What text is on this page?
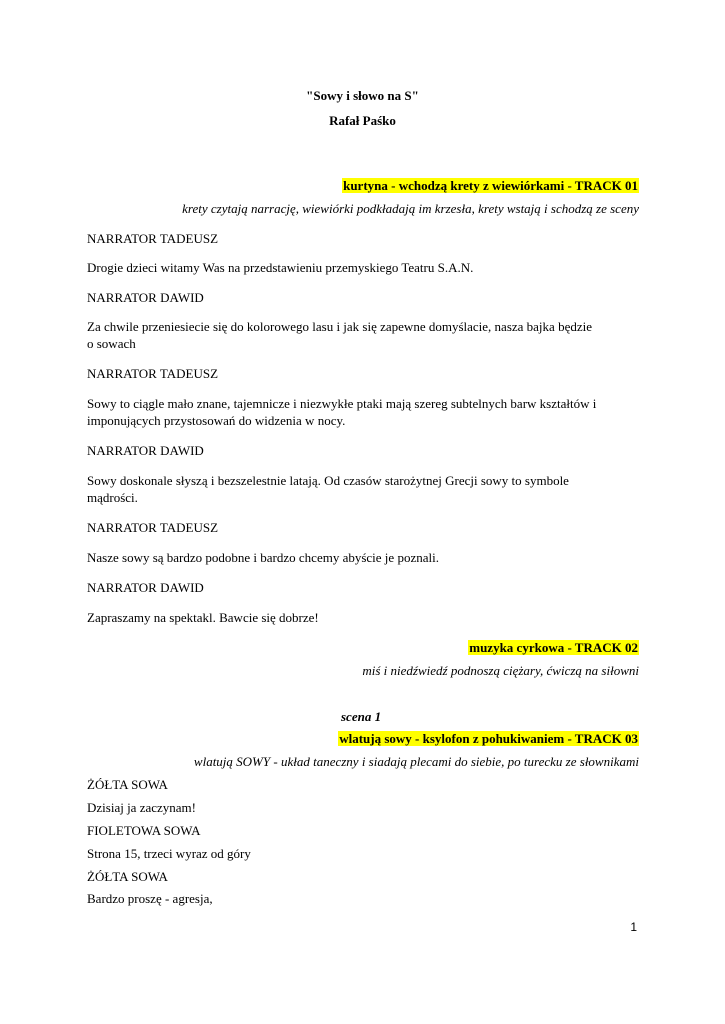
"Sowy i słowo na S"
Rafał Paśko
kurtyna - wchodzą krety z wiewiórkami - TRACK 01
krety czytają narrację, wiewiórki podkładają im krzesła, krety wstają i schodzą ze sceny
NARRATOR TADEUSZ
Drogie dzieci witamy Was na przedstawieniu przemyskiego Teatru S.A.N.
NARRATOR DAWID
Za chwile przeniesiecie się do kolorowego lasu i jak się zapewne domyślacie, nasza bajka będzie
o sowach
NARRATOR TADEUSZ
Sowy to ciągle mało znane, tajemnicze i niezwykłe ptaki mają szereg subtelnych barw kształtów i
imponujących przystosowań do widzenia w nocy.
NARRATOR DAWID
Sowy doskonale słyszą i bezszelestnie latają. Od czasów starożytnej Grecji sowy to symbole
mądrości.
NARRATOR TADEUSZ
Nasze sowy są bardzo podobne i bardzo chcemy abyście je poznali.
NARRATOR DAWID
Zapraszamy na spektakl. Bawcie się dobrze!
muzyka cyrkowa - TRACK 02
miś i niedźwiedź podnoszą ciężary, ćwiczą na siłowni
scena 1
wlatują sowy - ksylofon z pohukiwaniem - TRACK 03
wlatują SOWY - układ taneczny i siadają plecami do siebie, po turecku ze słownikami
ŻÓŁTA SOWA
Dzisiaj ja zaczynam!
FIOLETOWA SOWA
Strona 15, trzeci wyraz od góry
ŻÓŁTA SOWA
Bardzo proszę - agresja,
1
